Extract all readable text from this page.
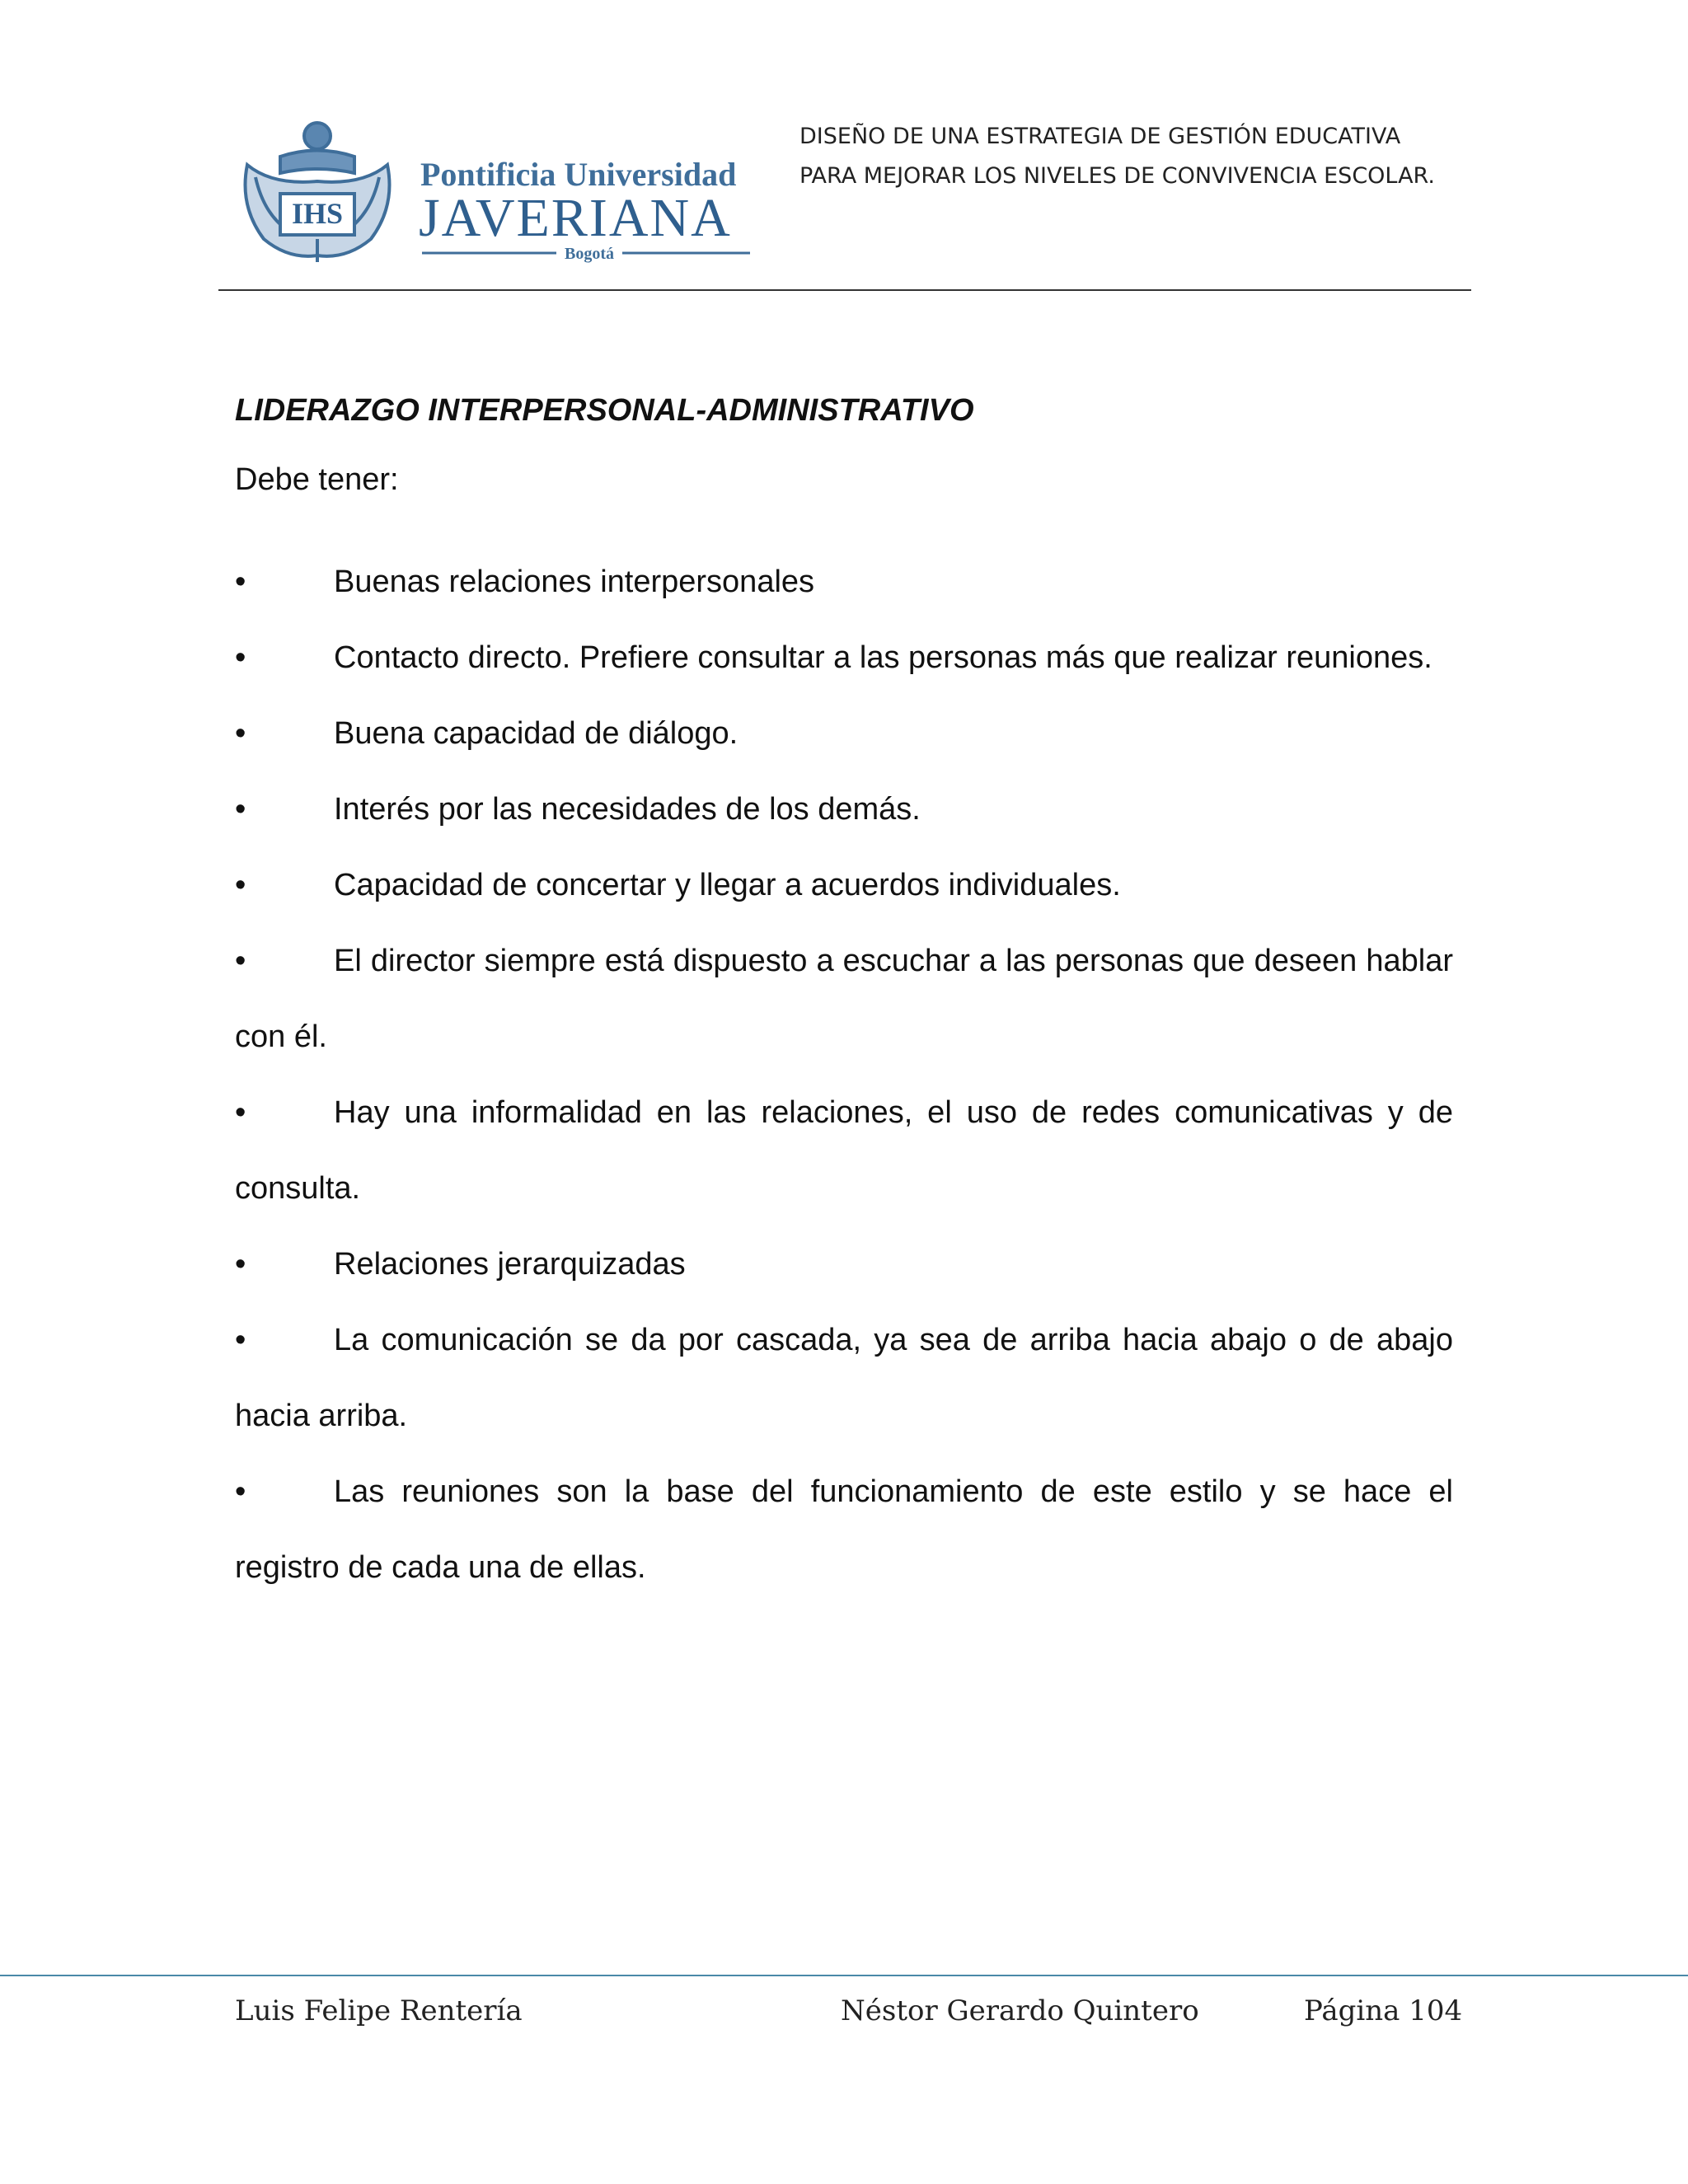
IHS
Pontificia Universidad
JAVERIANA
Bogotá
DISEÑO DE UNA ESTRATEGIA DE GESTIÓN EDUCATIVA
PARA MEJORAR LOS NIVELES DE CONVIVENCIA ESCOLAR.
LIDERAZGO INTERPERSONAL-ADMINISTRATIVO

Debe tener:

•	Buenas relaciones interpersonales
•	Contacto directo. Prefiere consultar a las personas más que realizar reuniones.
•	Buena capacidad de diálogo.
•	Interés por las necesidades de los demás.
•	Capacidad de concertar y llegar a acuerdos individuales.
•	El director siempre está dispuesto a escuchar a las personas que deseen hablar con él.
•	Hay una informalidad en las relaciones, el uso de redes comunicativas y de consulta.
•	Relaciones jerarquizadas
•	La comunicación se da por cascada, ya sea de arriba hacia abajo o de abajo hacia arriba.
•	Las reuniones son la base del funcionamiento de este estilo y se hace el registro de cada una de ellas.
Luis Felipe Rentería	Néstor Gerardo Quintero	Página 104
